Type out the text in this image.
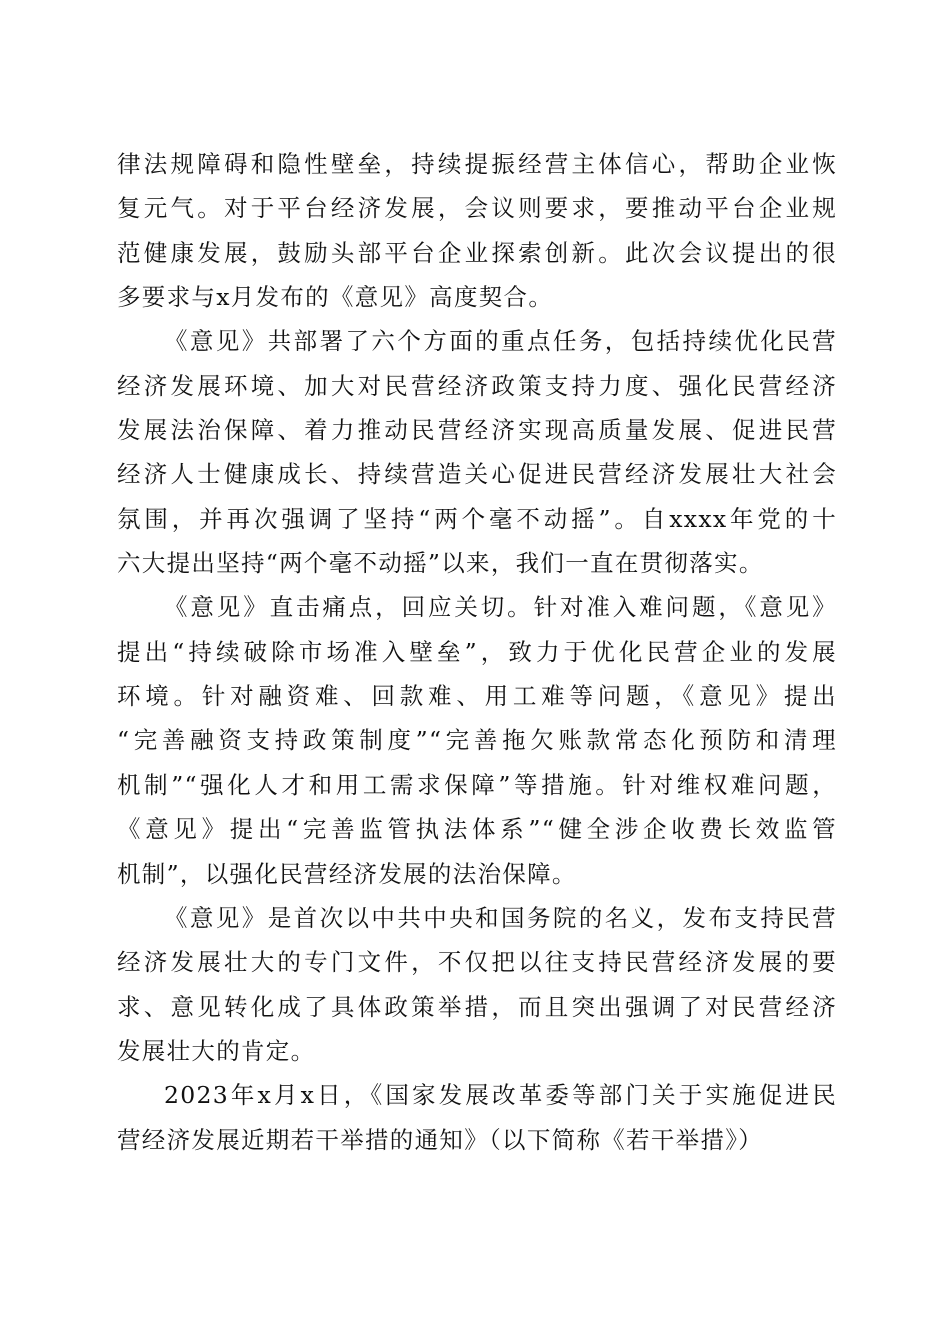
律法规障碍和隐性壁垒，持续提振经营主体信心，帮助企业恢
复元气。对于平台经济发展，会议则要求，要推动平台企业规
范健康发展，鼓励头部平台企业探索创新。此次会议提出的很
多要求与x月发布的《意见》高度契合。
《意见》共部署了六个方面的重点任务，包括持续优化民营
经济发展环境、加大对民营经济政策支持力度、强化民营经济
发展法治保障、着力推动民营经济实现高质量发展、促进民营
经济人士健康成长、持续营造关心促进民营经济发展壮大社会
氛围，并再次强调了坚持“两个毫不动摇”。自xxxx年党的十
六大提出坚持“两个毫不动摇”以来，我们一直在贯彻落实。
《意见》直击痛点，回应关切。针对准入难问题，《意见》
提出“持续破除市场准入壁垒”，致力于优化民营企业的发展
环境。针对融资难、回款难、用工难等问题，《意见》提出
“完善融资支持政策制度”“完善拖欠账款常态化预防和清理
机制”“强化人才和用工需求保障”等措施。针对维权难问题，
《意见》提出“完善监管执法体系”“健全涉企收费长效监管
机制”，以强化民营经济发展的法治保障。
《意见》是首次以中共中央和国务院的名义，发布支持民营
经济发展壮大的专门文件，不仅把以往支持民营经济发展的要
求、意见转化成了具体政策举措，而且突出强调了对民营经济
发展壮大的肯定。
2023年x月x日，《国家发展改革委等部门关于实施促进民
营经济发展近期若干举措的通知》（以下简称《若干举措》）
